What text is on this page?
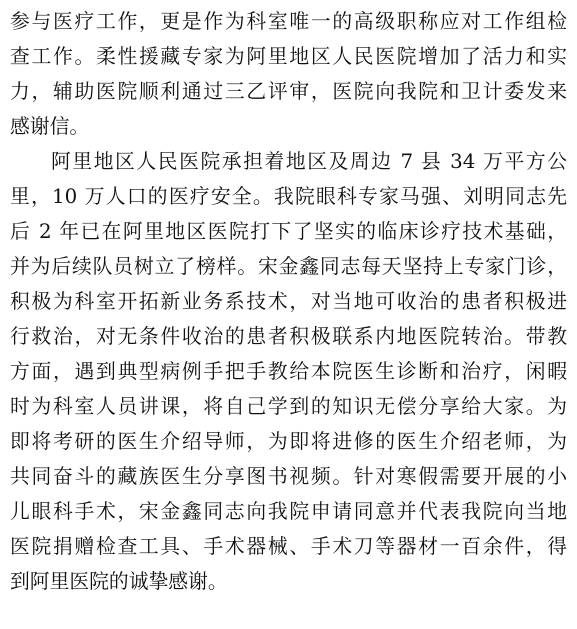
参与医疗工作，更是作为科室唯一的高级职称应对工作组检
查工作。柔性援藏专家为阿里地区人民医院增加了活力和实
力，辅助医院顺利通过三乙评审，医院向我院和卫计委发来
感谢信。
阿里地区人民医院承担着地区及周边 7 县 34 万平方公
里，10 万人口的医疗安全。我院眼科专家马强、刘明同志先
后 2 年已在阿里地区医院打下了坚实的临床诊疗技术基础，
并为后续队员树立了榜样。宋金鑫同志每天坚持上专家门诊，
积极为科室开拓新业务系技术，对当地可收治的患者积极进
行救治，对无条件收治的患者积极联系内地医院转治。带教
方面，遇到典型病例手把手教给本院医生诊断和治疗，闲暇
时为科室人员讲课，将自己学到的知识无偿分享给大家。为
即将考研的医生介绍导师，为即将进修的医生介绍老师，为
共同奋斗的藏族医生分享图书视频。针对寒假需要开展的小
儿眼科手术，宋金鑫同志向我院申请同意并代表我院向当地
医院捐赠检查工具、手术器械、手术刀等器材一百余件，得
到阿里医院的诚挚感谢。
